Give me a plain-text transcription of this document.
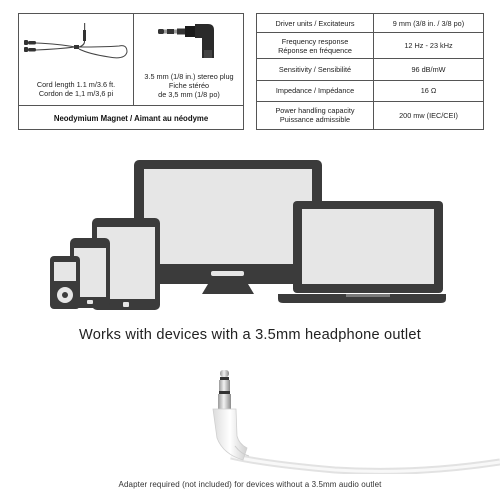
Cord length 1.1 m/3.6 ft.
Cordon de 1,1 m/3,6 pi
3.5 mm (1/8 in.) stereo plug
Fiche stéréo
de 3,5 mm (1/8 po)
Neodymium Magnet / Aimant au néodyme
Driver units / Excitateurs	9 mm (3/8 in. / 3/8 po)

Frequency response
Réponse en fréquence	12 Hz - 23 kHz
Sensitivity / Sensibilité	96 dB/mW
Impedance / Impédance	16 Ω

Power handling capacity
Puissance admissible	200 mw (IEC/CEI)
Works with devices with a 3.5mm headphone outlet
Adapter required (not included) for devices without a 3.5mm audio outlet
